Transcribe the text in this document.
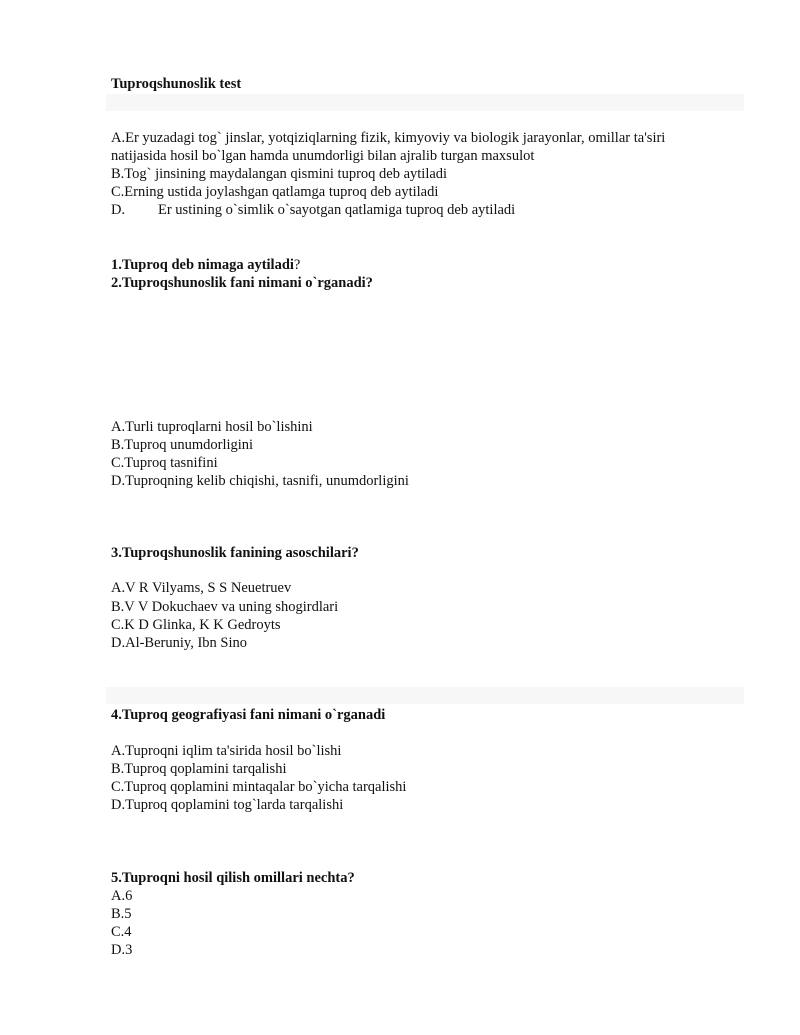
Tuproqshunoslik test
A.Er yuzadagi tog` jinslar, yotqiziqlarning fizik, kimyoviy va biologik jarayonlar, omillar ta'siri
natijasida hosil bo`lgan hamda unumdorligi bilan ajralib turgan maxsulot
B.Tog` jinsining maydalangan qismini tuproq deb aytiladi
C.Erning ustida joylashgan qatlamga tuproq deb aytiladi
D. Er ustining o`simlik o`sayotgan qatlamiga tuproq deb aytiladi
1.Tuproq deb nimaga aytiladi?
2.Tuproqshunoslik fani nimani o`rganadi?
A.Turli tuproqlarni hosil bo`lishini
B.Tuproq unumdorligini
C.Tuproq tasnifini
D.Tuproqning kelib chiqishi, tasnifi, unumdorligini
3.Tuproqshunoslik fanining asoschilari?
A.V R Vilyams, S S Neuetruev
B.V V Dokuchaev va uning shogirdlari
C.K D Glinka, K K Gedroyts
D.Al-Beruniy, Ibn Sino
4.Tuproq geografiyasi fani nimani o`rganadi
A.Tuproqni iqlim ta'sirida hosil bo`lishi
B.Tuproq qoplamini tarqalishi
C.Tuproq qoplamini mintaqalar bo`yicha tarqalishi
D.Tuproq qoplamini tog`larda tarqalishi
5.Tuproqni hosil qilish omillari nechta?
A.6
B.5
C.4
D.3
